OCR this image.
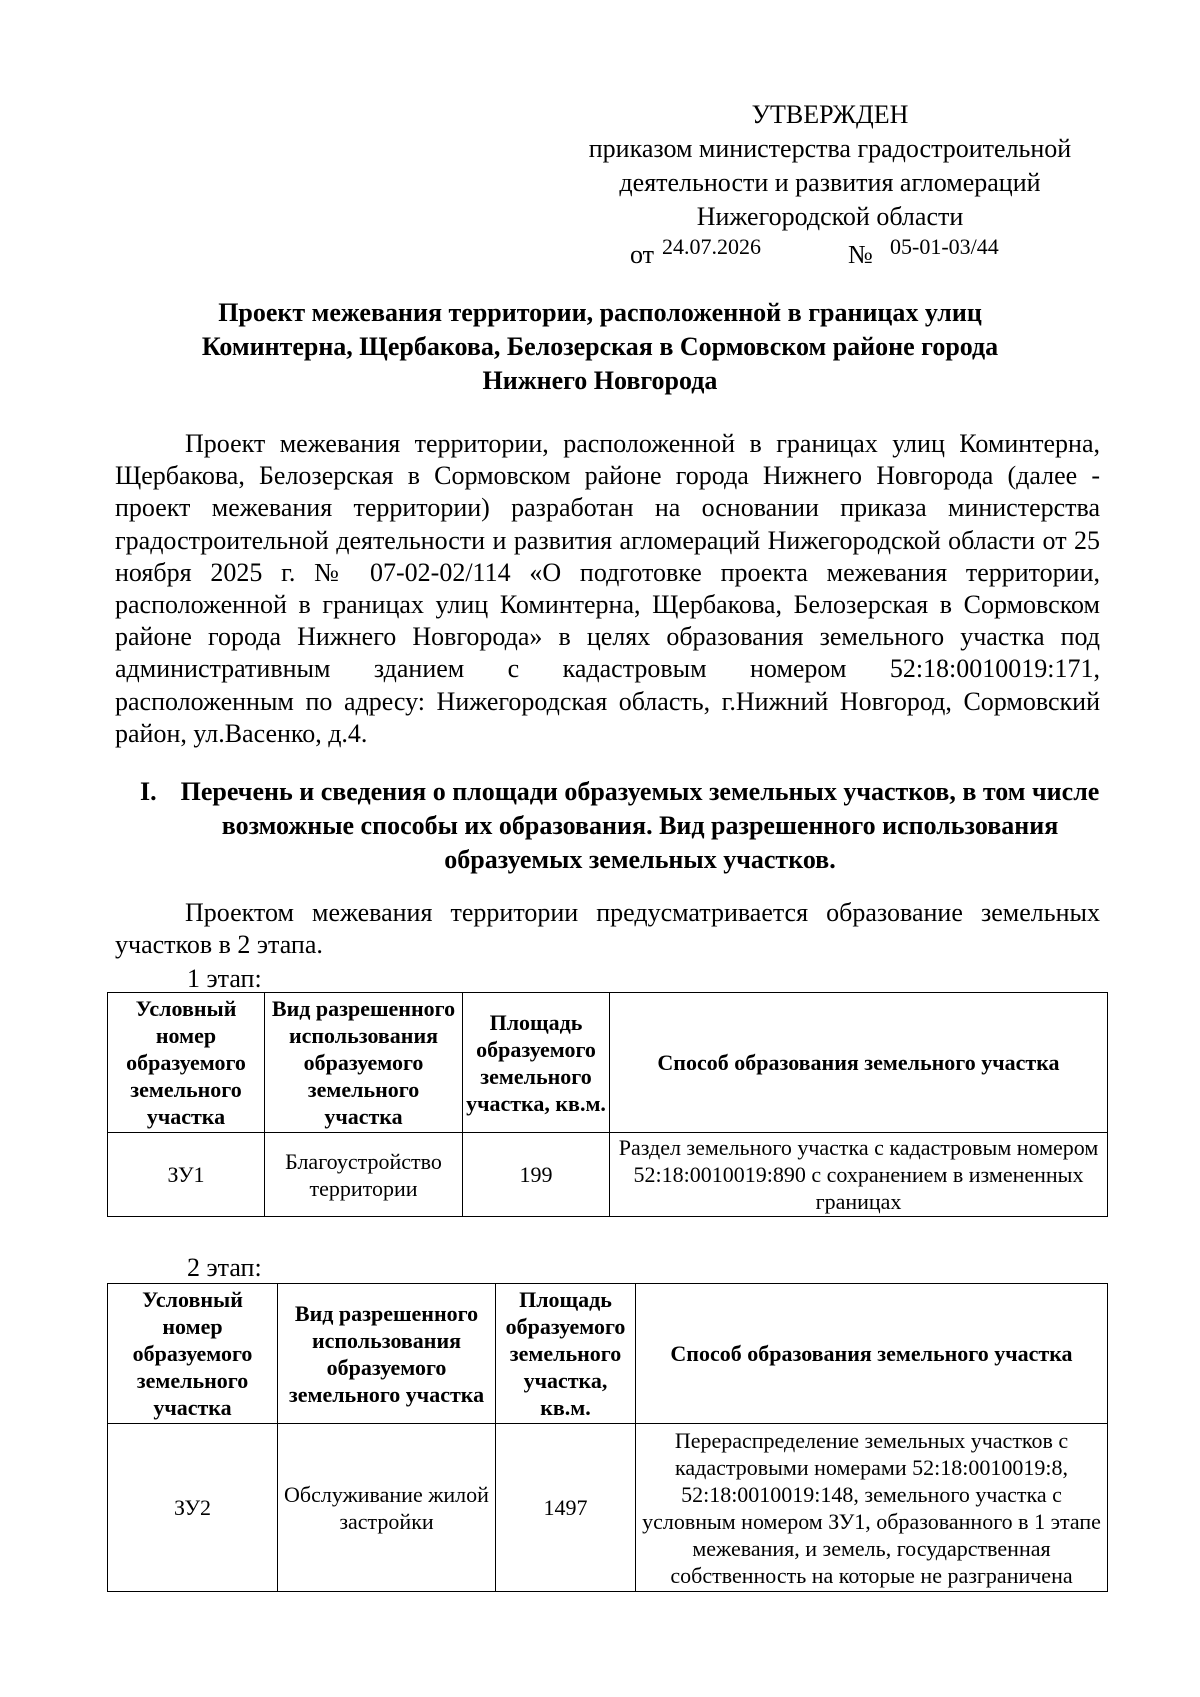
УТВЕРЖДЕН
приказом министерства градостроительной
деятельности и развития агломераций
Нижегородской области
от 24.07.2026	№ 05-01-03/44
Проект межевания территории, расположенной в границах улиц
Коминтерна, Щербакова, Белозерская в Сормовском районе города
Нижнего Новгорода

Проект межевания территории, расположенной в границах улиц Коминтерна, Щербакова, Белозерская в Сормовском районе города Нижнего Новгорода (далее - проект межевания территории) разработан на основании приказа министерства градостроительной деятельности и развития агломераций Нижегородской области от 25 ноября 2025 г. № 07-02-02/114 «О подготовке проекта межевания территории, расположенной в границах улиц Коминтерна, Щербакова, Белозерская в Сормовском районе города Нижнего Новгорода» в целях образования земельного участка под административным зданием с кадастровым номером 52:18:0010019:171, расположенным по адресу: Нижегородская область, г.Нижний Новгород, Сормовский район, ул.Васенко, д.4.

I. Перечень и сведения о площади образуемых земельных участков, в том числе возможные способы их образования. Вид разрешенного использования образуемых земельных участков.

Проектом межевания территории предусматривается образование земельных участков в 2 этапа.

1 этап:
Условный номер образуемого земельного участка	Вид разрешенного использования образуемого земельного участка	Площадь образуемого земельного участка, кв.м.	Способ образования земельного участка
ЗУ1	Благоустройство территории	199	Раздел земельного участка с кадастровым номером 52:18:0010019:890 с сохранением в измененных границах
2 этап:
Условный номер образуемого земельного участка	Вид разрешенного использования образуемого земельного участка	Площадь образуемого земельного участка, кв.м.	Способ образования земельного участка
ЗУ2	Обслуживание жилой застройки	1497	Перераспределение земельных участков с кадастровыми номерами 52:18:0010019:8, 52:18:0010019:148, земельного участка с условным номером ЗУ1, образованного в 1 этапе межевания, и земель, государственная собственность на которые не разграничена
